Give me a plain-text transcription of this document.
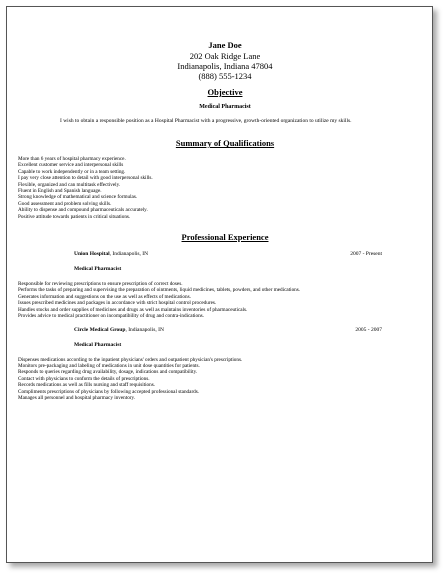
Jane Doe
202 Oak Ridge Lane
Indianapolis, Indiana 47804
(888) 555-1234
Objective
Medical Pharmacist
I wish to obtain a responsible position as a Hospital Pharmacist with a progressive, growth-oriented organization to utilize my skills.
Summary of Qualifications
• More than 6 years of hospital pharmacy experience.
• Excellent customer service and interpersonal skills
• Capable to work independently or in a team setting.
• I pay very close attention to detail with good interpersonal skills.
• Flexible, organized and can multitask effectively.
• Fluent in English and Spanish language.
• Strong knowledge of mathematical and science formulas.
• Good assessment and problem solving skills.
• Ability to dispense and compound pharmaceuticals accurately.
• Positive attitude towards patients in critical situations.
Professional Experience
Union Hospital, Indianapolis, IN	2007 - Present
Medical Pharmacist
• Responsible for reviewing prescriptions to ensure prescription of correct doses.
• Performs the tasks of preparing and supervising the preparation of ointments, liquid medicines, tablets, powders, and other medications.
• Generates information and suggestions on the use as well as effects of medications.
• Issues prescribed medicines and packages in accordance with strict hospital control procedures.
• Handles stocks and order supplies of medicines and drugs as well as maintains inventories of pharmaceuticals.
• Provides advice to medical practitioner on incompatibility of drug and contra-indications.
Circle Medical Group, Indianapolis, IN	2005 - 2007
Medical Pharmacist
• Dispenses medications according to the inpatient physicians' orders and outpatient physician's prescriptions.
• Monitors pre-packaging and labeling of medications in unit dose quantities for patients.
• Responds to queries regarding drug availability, dosage, indications and compatibility.
• Contact with physicians to conform the details of prescriptions.
• Records medications as well as fills nursing and staff requisitions.
• Compliments prescriptions of physicians by following accepted professional standards.
• Manages all personnel and hospital pharmacy inventory.
